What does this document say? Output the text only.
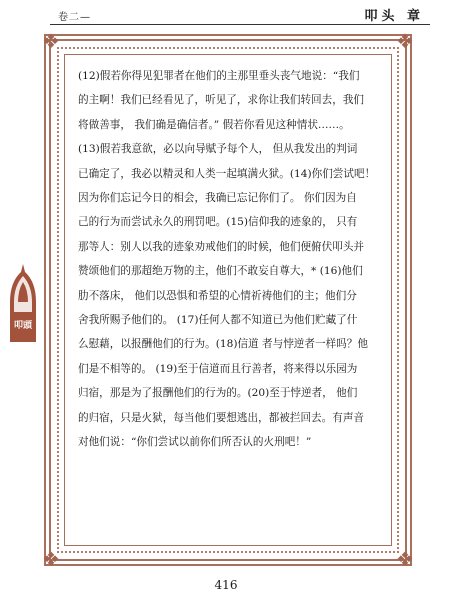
卷二—	叩头 章
❖	❖
❖	❖
叩頭
(12)假若你得见犯罪者在他们的主那里垂头丧气地说：“我们
的主啊！我们已经看见了，听见了，求你让我们转回去，我们
将做善事， 我们确是确信者。” 假若你看见这种情状……。
(13)假若我意欲，必以向导赋予每个人， 但从我发出的判词
已确定了，我必以精灵和人类一起填满火狱。(14)你们尝试吧！
因为你们忘记今日的相会，我确已忘记你们了。 你们因为自
己的行为而尝试永久的刑罚吧。(15)信仰我的迹象的， 只有
那等人：别人以我的迹象劝戒他们的时候，他们便俯伏叩头并
赞颂他们的那超绝万物的主，他们不敢妄自尊大，* (16)他们
肋不落床， 他们以恐惧和希望的心情祈祷他们的主；他们分
舍我所赐予他们的。 (17)任何人都不知道已为他们贮藏了什
么慰藉，以报酬他们的行为。(18)信道 者与悖逆者一样吗？他
们是不相等的。 (19)至于信道而且行善者，将来得以乐园为
归宿，那是为了报酬他们的行为的。(20)至于悖逆者， 他们
的归宿，只是火狱，每当他们要想逃出，都被拦回去。有声音
对他们说：“你们尝试以前你们所否认的火刑吧！”
416
